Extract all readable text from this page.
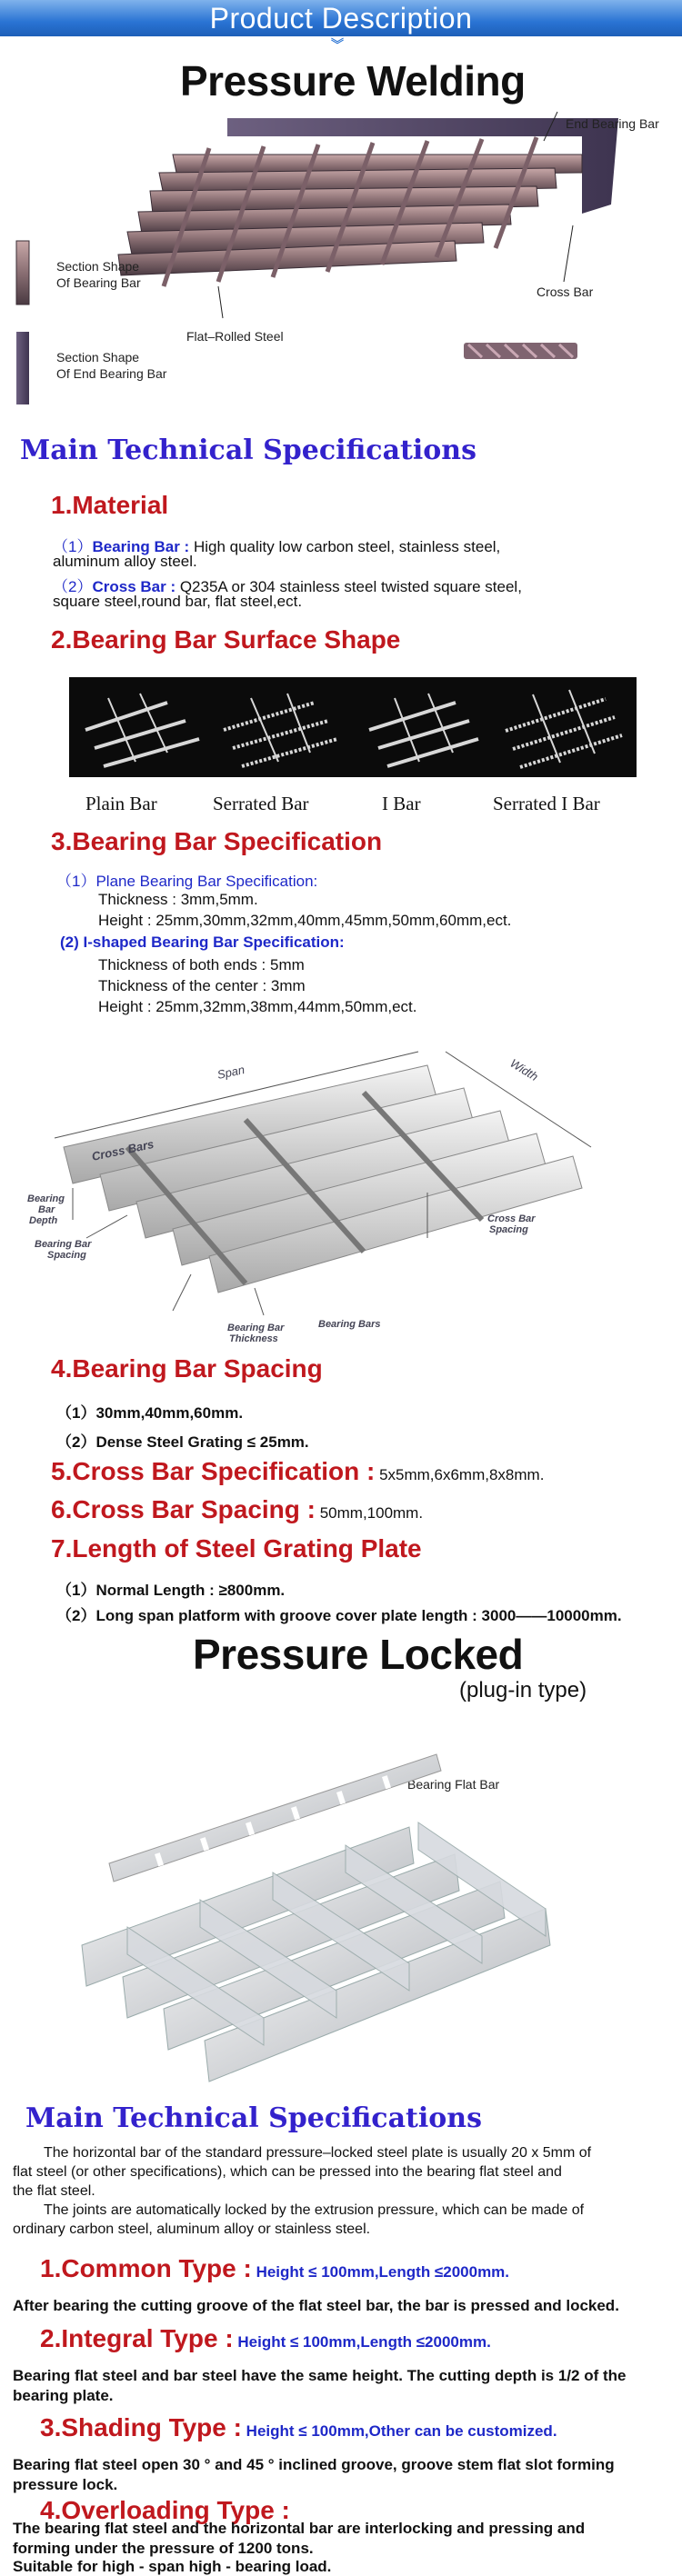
Product Description
︾
Pressure Welding
End Bearing Bar
Section Shape
Of Bearing Bar
Cross Bar
Flat–Rolled Steel
Section Shape
Of End Bearing Bar
Main Technical Specifications
1.Material
（1）Bearing Bar : High quality low carbon steel, stainless steel,
aluminum alloy steel.
（2）Cross Bar : Q235A or 304 stainless steel twisted square steel,
square steel,round bar, flat steel,ect.
2.Bearing Bar Surface Shape
Plain Bar	Serrated Bar	I Bar	Serrated I Bar
3.Bearing Bar Specification
（1）Plane Bearing Bar Specification:
Thickness : 3mm,5mm.
Height : 25mm,30mm,32mm,40mm,45mm,50mm,60mm,ect.
(2) I-shaped Bearing Bar Specification:
Thickness of both ends : 5mm
Thickness of the center : 3mm
Height : 25mm,32mm,38mm,44mm,50mm,ect.
Span	Width
Cross Bars
Bearing
Bar
Depth
Bearing Bar
Spacing
Cross Bar
Spacing
Bearing Bars
Bearing Bar
Thickness
4.Bearing Bar Spacing
（1）30mm,40mm,60mm.
（2）Dense Steel Grating ≤ 25mm.
5.Cross Bar Specification : 5x5mm,6x6mm,8x8mm.
6.Cross Bar Spacing : 50mm,100mm.
7.Length of Steel Grating Plate
（1）Normal Length : ≥800mm.
（2）Long span platform with groove cover plate length : 3000——10000mm.
Pressure Locked
(plug-in type)
Bearing Flat Bar
Main Technical Specifications
The horizontal bar of the standard pressure–locked steel plate is usually 20 x 5mm of
flat steel (or other specifications), which can be pressed into the bearing flat steel and
the flat steel.
The joints are automatically locked by the extrusion pressure, which can be made of
ordinary carbon steel, aluminum alloy or stainless steel.
1.Common Type : Height ≤ 100mm,Length ≤2000mm.
After bearing the cutting groove of the flat steel bar, the bar is pressed and locked.
2.Integral Type : Height ≤ 100mm,Length ≤2000mm.
Bearing flat steel and bar steel have the same height. The cutting depth is 1/2 of the
bearing plate.
3.Shading Type : Height ≤ 100mm,Other can be customized.
Bearing flat steel open 30 ° and 45 ° inclined groove, groove stem flat slot forming
pressure lock.
4.Overloading Type :
The bearing flat steel and the horizontal bar are interlocking and pressing and
forming under the pressure of 1200 tons.
Suitable for high - span high - bearing load.
